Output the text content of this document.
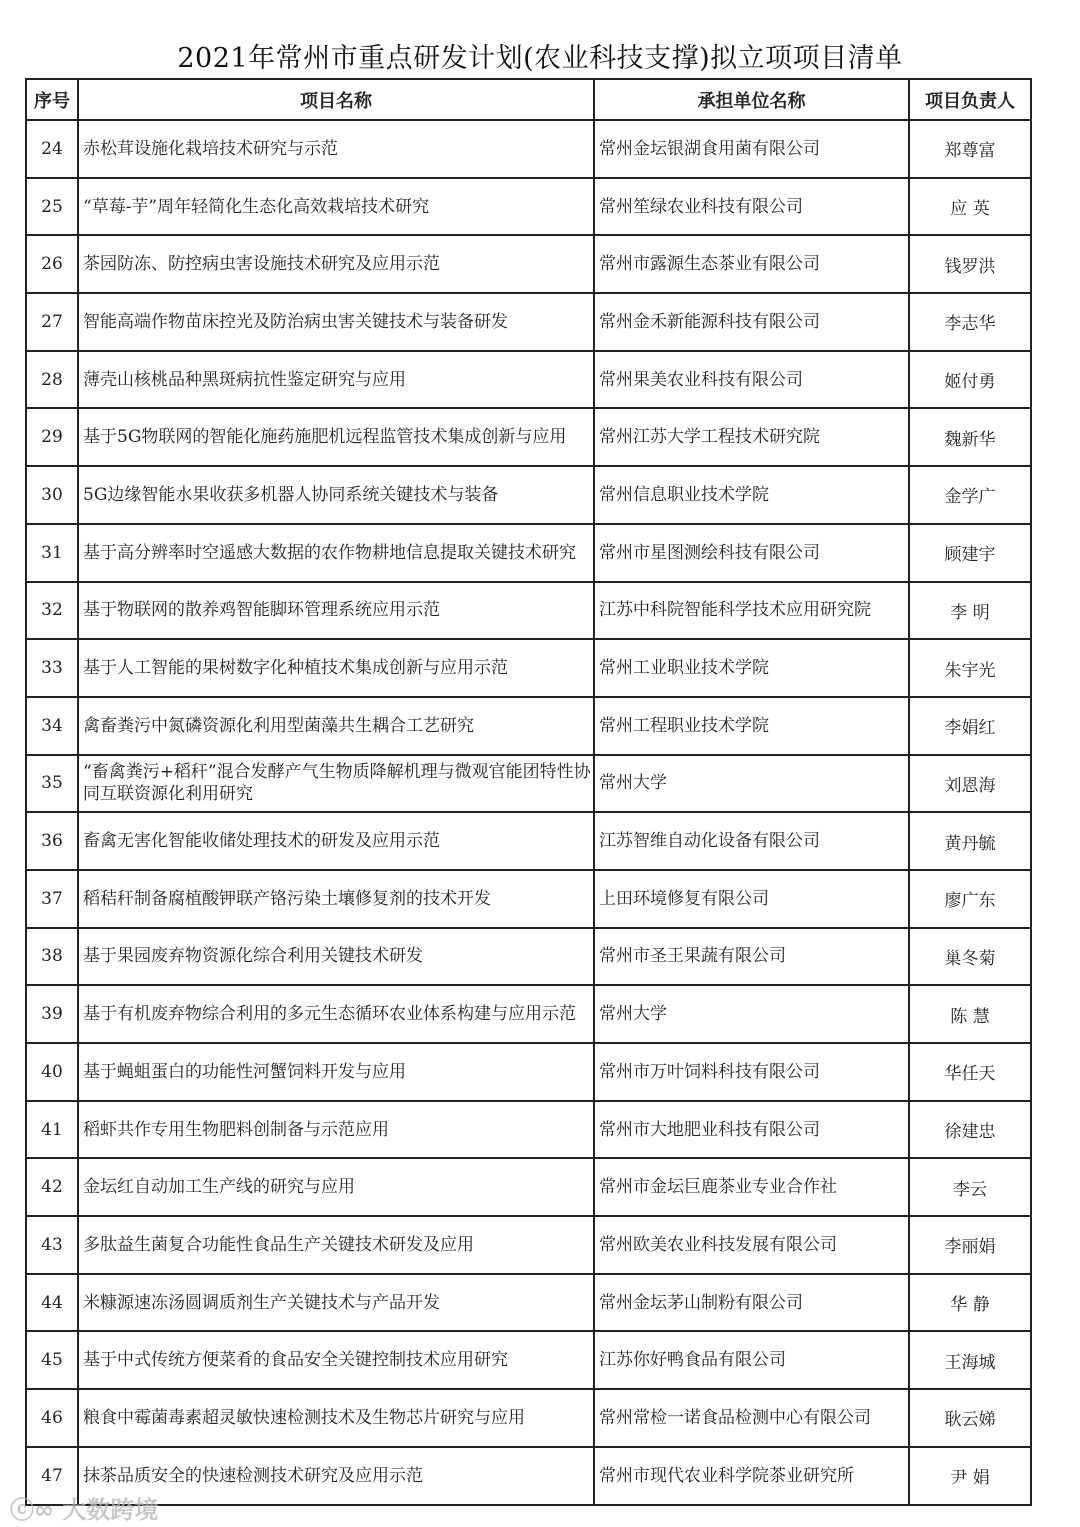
2021年常州市重点研发计划(农业科技支撑)拟立项项目清单
序号	项目名称	承担单位名称	项目负责人
24	赤松茸设施化栽培技术研究与示范	常州金坛银湖食用菌有限公司	郑尊富
25	“草莓-芋”周年轻简化生态化高效栽培技术研究	常州笙绿农业科技有限公司	应 英
26	茶园防冻、防控病虫害设施技术研究及应用示范	常州市露源生态茶业有限公司	钱罗洪
27	智能高端作物苗床控光及防治病虫害关键技术与装备研发	常州金禾新能源科技有限公司	李志华
28	薄壳山核桃品种黑斑病抗性鉴定研究与应用	常州果美农业科技有限公司	姬付勇
29	基于5G物联网的智能化施药施肥机远程监管技术集成创新与应用	常州江苏大学工程技术研究院	魏新华
30	5G边缘智能水果收获多机器人协同系统关键技术与装备	常州信息职业技术学院	金学广
31	基于高分辨率时空遥感大数据的农作物耕地信息提取关键技术研究	常州市星图测绘科技有限公司	顾建宇
32	基于物联网的散养鸡智能脚环管理系统应用示范	江苏中科院智能科学技术应用研究院	李 明
33	基于人工智能的果树数字化种植技术集成创新与应用示范	常州工业职业技术学院	朱宇光
34	禽畜粪污中氮磷资源化利用型菌藻共生耦合工艺研究	常州工程职业技术学院	李娟红
35	“畜禽粪污+稻秆”混合发酵产气生物质降解机理与微观官能团特性协同互联资源化利用研究	常州大学	刘恩海
36	畜禽无害化智能收储处理技术的研发及应用示范	江苏智维自动化设备有限公司	黄丹毓
37	稻秸秆制备腐植酸钾联产铬污染土壤修复剂的技术开发	上田环境修复有限公司	廖广东
38	基于果园废弃物资源化综合利用关键技术研发	常州市圣王果蔬有限公司	巢冬菊
39	基于有机废弃物综合利用的多元生态循环农业体系构建与应用示范	常州大学	陈 慧
40	基于蝇蛆蛋白的功能性河蟹饲料开发与应用	常州市万叶饲料科技有限公司	华任天
41	稻虾共作专用生物肥料创制备与示范应用	常州市大地肥业科技有限公司	徐建忠
42	金坛红自动加工生产线的研究与应用	常州市金坛巨鹿茶业专业合作社	李云
43	多肽益生菌复合功能性食品生产关键技术研发及应用	常州欧美农业科技发展有限公司	李丽娟
44	米糠源速冻汤圆调质剂生产关键技术与产品开发	常州金坛茅山制粉有限公司	华 静
45	基于中式传统方便菜肴的食品安全关键控制技术应用研究	江苏你好鸭食品有限公司	王海城
46	粮食中霉菌毒素超灵敏快速检测技术及生物芯片研究与应用	常州常检一诺食品检测中心有限公司	耿云娣
47	抹茶品质安全的快速检测技术研究及应用示范	常州市现代农业科学院茶业研究所	尹 娟
ⓒ∞ 大数跨境
